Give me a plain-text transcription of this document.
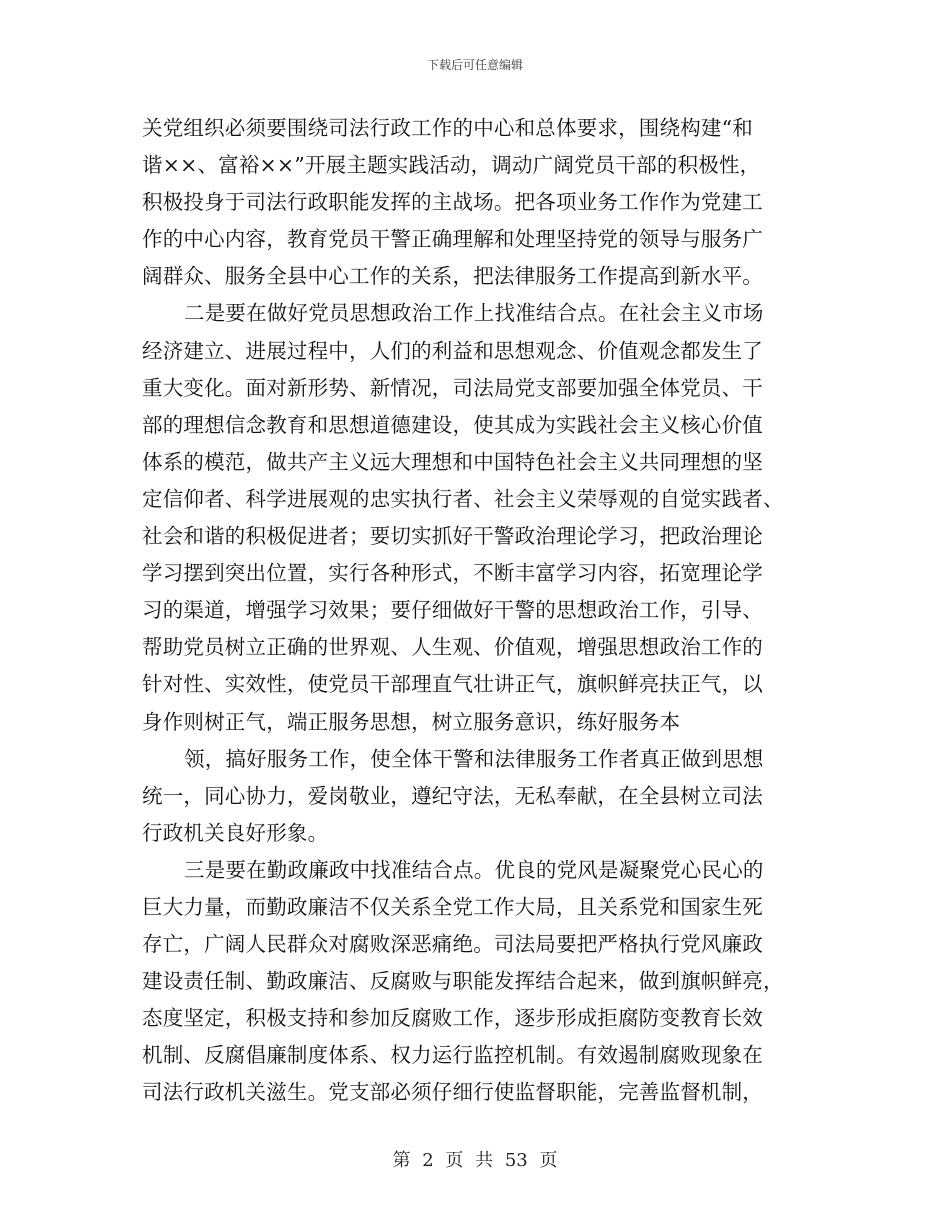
下载后可任意编辑
关党组织必须要围绕司法行政工作的中心和总体要求，围绕构建“和
谐××、富裕××”开展主题实践活动，调动广阔党员干部的积极性，
积极投身于司法行政职能发挥的主战场。把各项业务工作作为党建工
作的中心内容，教育党员干警正确理解和处理坚持党的领导与服务广
阔群众、服务全县中心工作的关系，把法律服务工作提高到新水平。
二是要在做好党员思想政治工作上找准结合点。在社会主义市场
经济建立、进展过程中，人们的利益和思想观念、价值观念都发生了
重大变化。面对新形势、新情况，司法局党支部要加强全体党员、干
部的理想信念教育和思想道德建设，使其成为实践社会主义核心价值
体系的模范，做共产主义远大理想和中国特色社会主义共同理想的坚
定信仰者、科学进展观的忠实执行者、社会主义荣辱观的自觉实践者、
社会和谐的积极促进者；要切实抓好干警政治理论学习，把政治理论
学习摆到突出位置，实行各种形式，不断丰富学习内容，拓宽理论学
习的渠道，增强学习效果；要仔细做好干警的思想政治工作，引导、
帮助党员树立正确的世界观、人生观、价值观，增强思想政治工作的
针对性、实效性，使党员干部理直气壮讲正气，旗帜鲜亮扶正气，以
身作则树正气，端正服务思想，树立服务意识，练好服务本
领，搞好服务工作，使全体干警和法律服务工作者真正做到思想
统一，同心协力，爱岗敬业，遵纪守法，无私奉献，在全县树立司法
行政机关良好形象。
三是要在勤政廉政中找准结合点。优良的党风是凝聚党心民心的
巨大力量，而勤政廉洁不仅关系全党工作大局，且关系党和国家生死
存亡，广阔人民群众对腐败深恶痛绝。司法局要把严格执行党风廉政
建设责任制、勤政廉洁、反腐败与职能发挥结合起来，做到旗帜鲜亮，
态度坚定，积极支持和参加反腐败工作，逐步形成拒腐防变教育长效
机制、反腐倡廉制度体系、权力运行监控机制。有效遏制腐败现象在
司法行政机关滋生。党支部必须仔细行使监督职能，完善监督机制，
第 2 页 共 53 页
